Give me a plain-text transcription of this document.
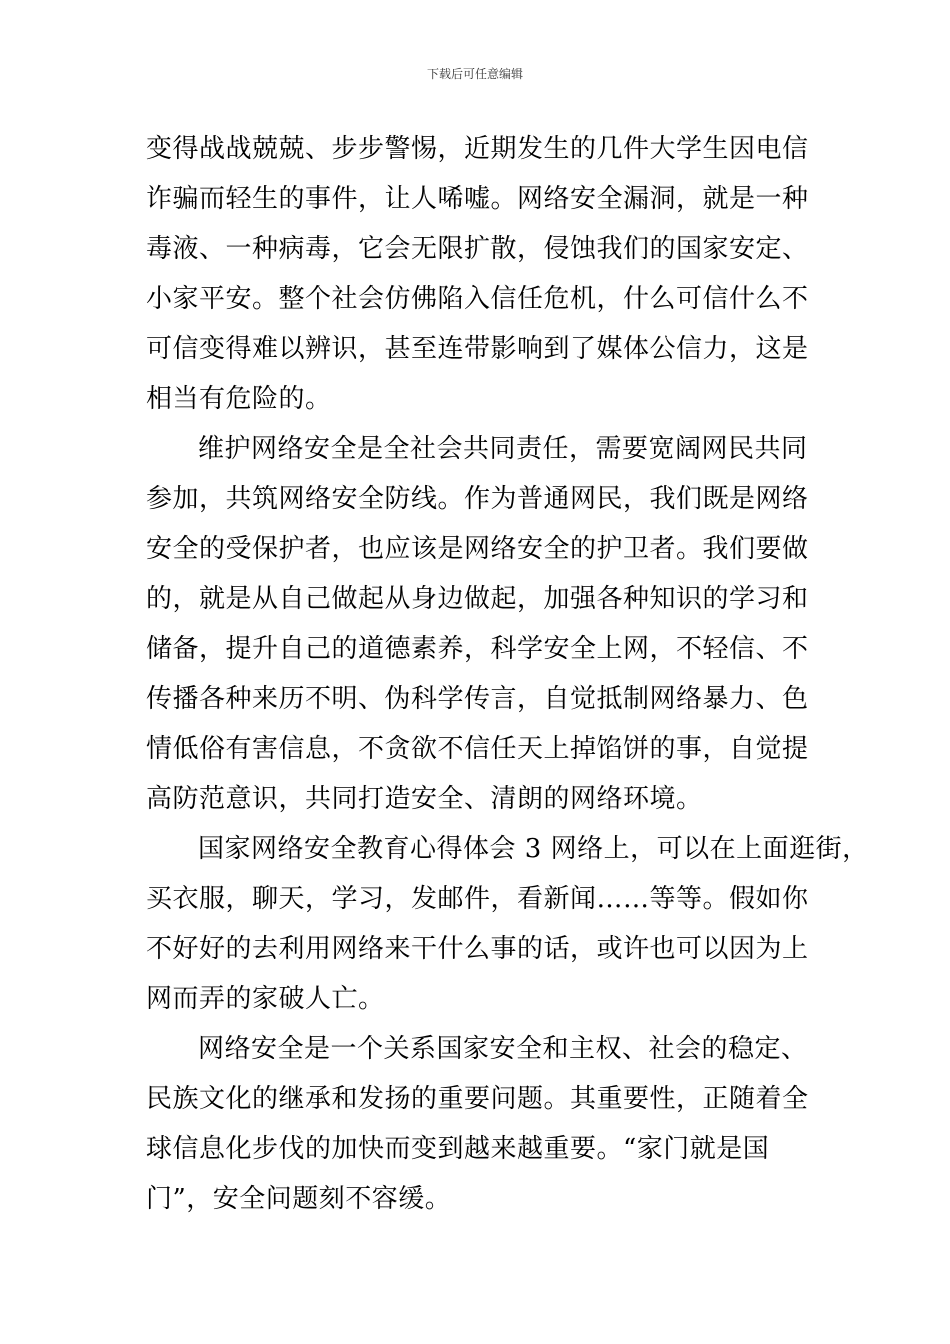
下载后可任意编辑
变得战战兢兢、步步警惕，近期发生的几件大学生因电信
诈骗而轻生的事件，让人唏嘘。网络安全漏洞，就是一种
毒液、一种病毒，它会无限扩散，侵蚀我们的国家安定、
小家平安。整个社会仿佛陷入信任危机，什么可信什么不
可信变得难以辨识，甚至连带影响到了媒体公信力，这是
相当有危险的。
维护网络安全是全社会共同责任，需要宽阔网民共同
参加，共筑网络安全防线。作为普通网民，我们既是网络
安全的受保护者，也应该是网络安全的护卫者。我们要做
的，就是从自己做起从身边做起，加强各种知识的学习和
储备，提升自己的道德素养，科学安全上网，不轻信、不
传播各种来历不明、伪科学传言，自觉抵制网络暴力、色
情低俗有害信息，不贪欲不信任天上掉馅饼的事，自觉提
高防范意识，共同打造安全、清朗的网络环境。
国家网络安全教育心得体会 3 网络上，可以在上面逛街，
买衣服，聊天，学习，发邮件，看新闻……等等。假如你
不好好的去利用网络来干什么事的话，或许也可以因为上
网而弄的家破人亡。
网络安全是一个关系国家安全和主权、社会的稳定、
民族文化的继承和发扬的重要问题。其重要性，正随着全
球信息化步伐的加快而变到越来越重要。“家门就是国
门”，安全问题刻不容缓。
